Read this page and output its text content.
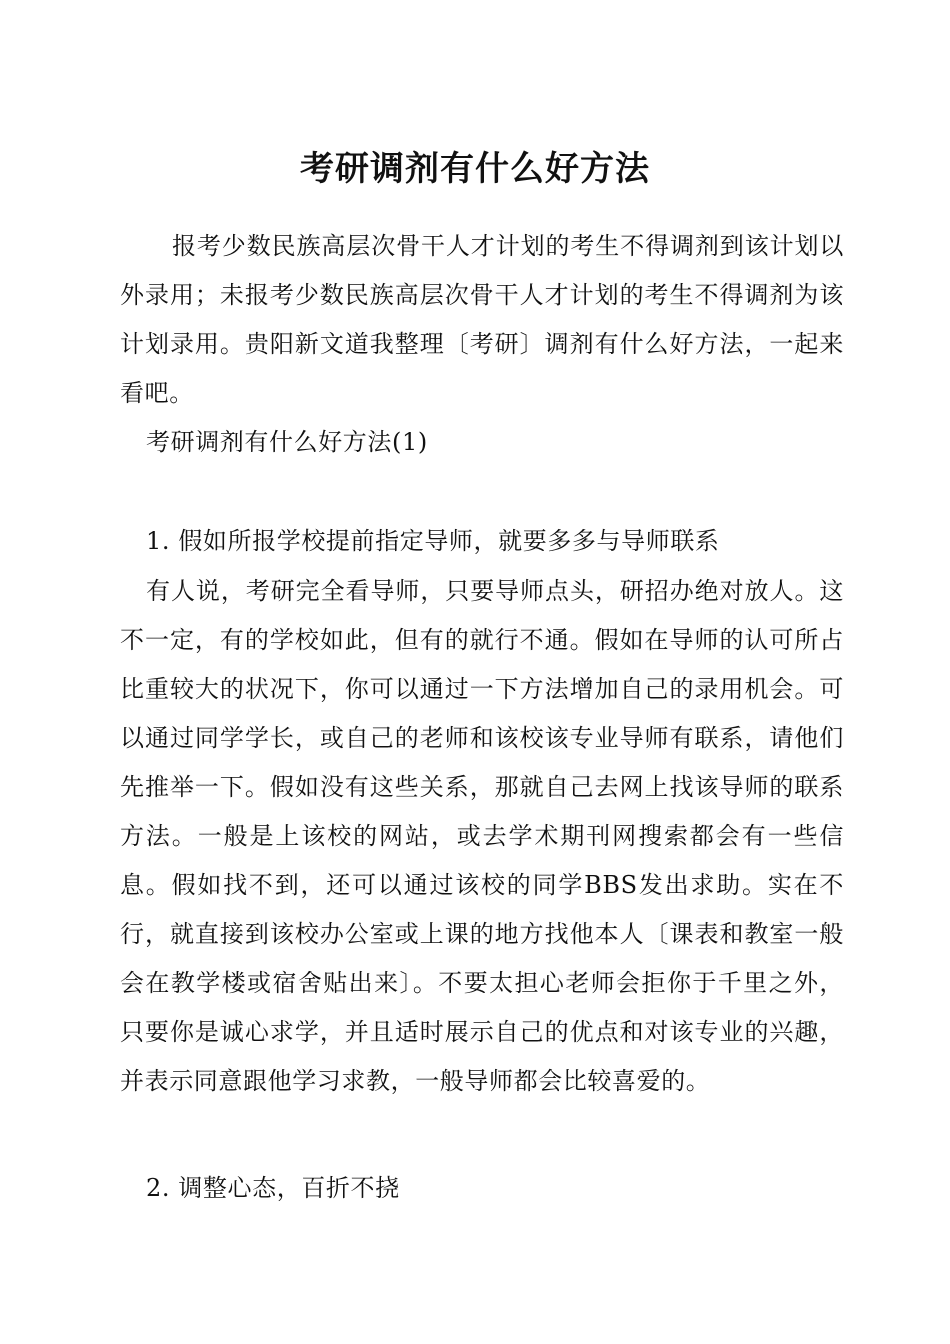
考研调剂有什么好方法

报考少数民族高层次骨干人才计划的考生不得调剂到该计划以外录用；未报考少数民族高层次骨干人才计划的考生不得调剂为该计划录用。贵阳新文道我整理〔考研〕调剂有什么好方法，一起来看吧。

考研调剂有什么好方法(1)
1. 假如所报学校提前指定导师，就要多多与导师联系

有人说，考研完全看导师，只要导师点头，研招办绝对放人。这不一定，有的学校如此，但有的就行不通。假如在导师的认可所占比重较大的状况下，你可以通过一下方法增加自己的录用机会。可以通过同学学长，或自己的老师和该校该专业导师有联系，请他们先推举一下。假如没有这些关系，那就自己去网上找该导师的联系方法。一般是上该校的网站，或去学术期刊网搜索都会有一些信息。假如找不到，还可以通过该校的同学BBS发出求助。实在不行，就直接到该校办公室或上课的地方找他本人〔课表和教室一般会在教学楼或宿舍贴出来〕。不要太担心老师会拒你于千里之外，只要你是诚心求学，并且适时展示自己的优点和对该专业的兴趣，并表示同意跟他学习求教，一般导师都会比较喜爱的。

2. 调整心态，百折不挠
